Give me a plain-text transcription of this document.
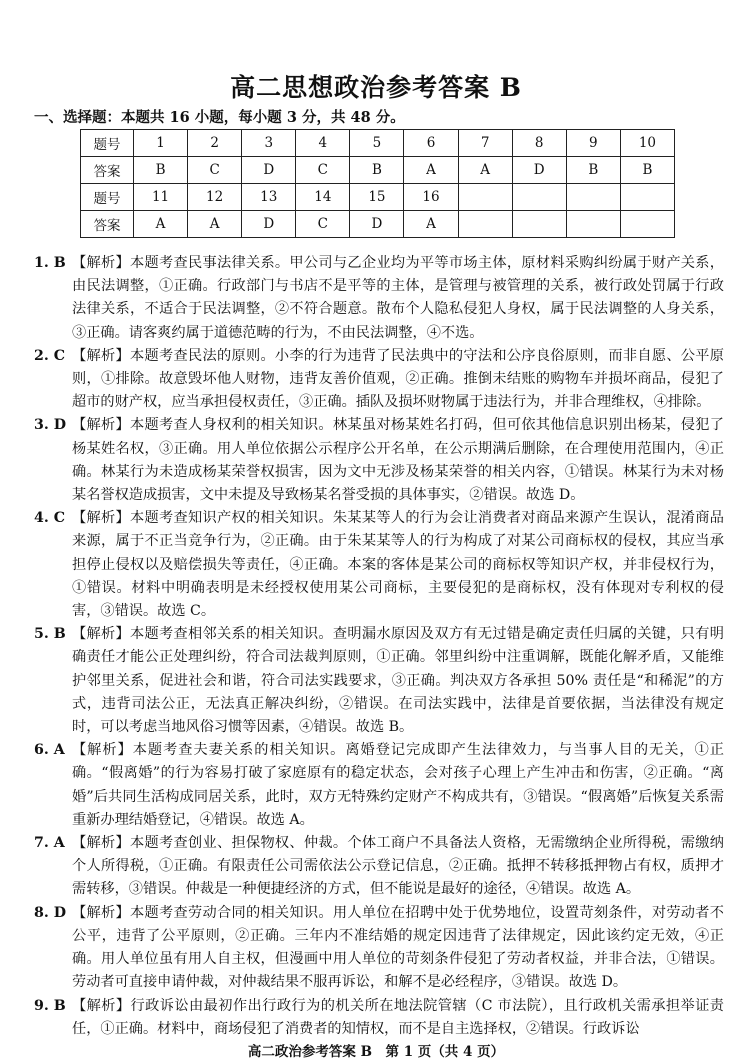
高二思想政治参考答案 B
一、选择题：本题共 16 小题，每小题 3 分，共 48 分。
题号	1	2	3	4	5	6	7	8	9	10
答案	B	C	D	C	B	A	A	D	B	B
题号	11	12	13	14	15	16				
答案	A	A	D	C	D	A				
1. B 【解析】本题考查民事法律关系。甲公司与乙企业均为平等市场主体，原材料采购纠纷属于财产关系，由民法调整，①正确。行政部门与书店不是平等的主体，是管理与被管理的关系，被行政处罚属于行政法律关系，不适合于民法调整，②不符合题意。散布个人隐私侵犯人身权，属于民法调整的人身关系，③正确。请客爽约属于道德范畴的行为，不由民法调整，④不选。
2. C 【解析】本题考查民法的原则。小李的行为违背了民法典中的守法和公序良俗原则，而非自愿、公平原则，①排除。故意毁坏他人财物，违背友善价值观，②正确。推倒未结账的购物车并损坏商品，侵犯了超市的财产权，应当承担侵权责任，③正确。插队及损坏财物属于违法行为，并非合理维权，④排除。
3. D 【解析】本题考查人身权利的相关知识。林某虽对杨某姓名打码，但可依其他信息识别出杨某，侵犯了杨某姓名权，③正确。用人单位依据公示程序公开名单，在公示期满后删除，在合理使用范围内，④正确。林某行为未造成杨某荣誉权损害，因为文中无涉及杨某荣誉的相关内容，①错误。林某行为未对杨某名誉权造成损害，文中未提及导致杨某名誉受损的具体事实，②错误。故选 D。
4. C 【解析】本题考查知识产权的相关知识。朱某某等人的行为会让消费者对商品来源产生误认，混淆商品来源，属于不正当竞争行为，②正确。由于朱某某等人的行为构成了对某公司商标权的侵权，其应当承担停止侵权以及赔偿损失等责任，④正确。本案的客体是某公司的商标权等知识产权，并非侵权行为，①错误。材料中明确表明是未经授权使用某公司商标，主要侵犯的是商标权，没有体现对专利权的侵害，③错误。故选 C。
5. B 【解析】本题考查相邻关系的相关知识。查明漏水原因及双方有无过错是确定责任归属的关键，只有明确责任才能公正处理纠纷，符合司法裁判原则，①正确。邻里纠纷中注重调解，既能化解矛盾，又能维护邻里关系，促进社会和谐，符合司法实践要求，③正确。判决双方各承担 50% 责任是“和稀泥”的方式，违背司法公正，无法真正解决纠纷，②错误。在司法实践中，法律是首要依据，当法律没有规定时，可以考虑当地风俗习惯等因素，④错误。故选 B。
6. A 【解析】本题考查夫妻关系的相关知识。离婚登记完成即产生法律效力，与当事人目的无关，①正确。“假离婚”的行为容易打破了家庭原有的稳定状态，会对孩子心理上产生冲击和伤害，②正确。“离婚”后共同生活构成同居关系，此时，双方无特殊约定财产不构成共有，③错误。“假离婚”后恢复关系需重新办理结婚登记，④错误。故选 A。
7. A 【解析】本题考查创业、担保物权、仲裁。个体工商户不具备法人资格，无需缴纳企业所得税，需缴纳个人所得税，①正确。有限责任公司需依法公示登记信息，②正确。抵押不转移抵押物占有权，质押才需转移，③错误。仲裁是一种便捷经济的方式，但不能说是最好的途径，④错误。故选 A。
8. D 【解析】本题考查劳动合同的相关知识。用人单位在招聘中处于优势地位，设置苛刻条件，对劳动者不公平，违背了公平原则，②正确。三年内不准结婚的规定因违背了法律规定，因此该约定无效，④正确。用人单位虽有用人自主权，但漫画中用人单位的苛刻条件侵犯了劳动者权益，并非合法，①错误。劳动者可直接申请仲裁，对仲裁结果不服再诉讼，和解不是必经程序，③错误。故选 D。
9. B 【解析】行政诉讼由最初作出行政行为的机关所在地法院管辖（C 市法院），且行政机关需承担举证责任，①正确。材料中，商场侵犯了消费者的知情权，而不是自主选择权，②错误。行政诉讼
高二政治参考答案 B　第 1 页（共 4 页）
